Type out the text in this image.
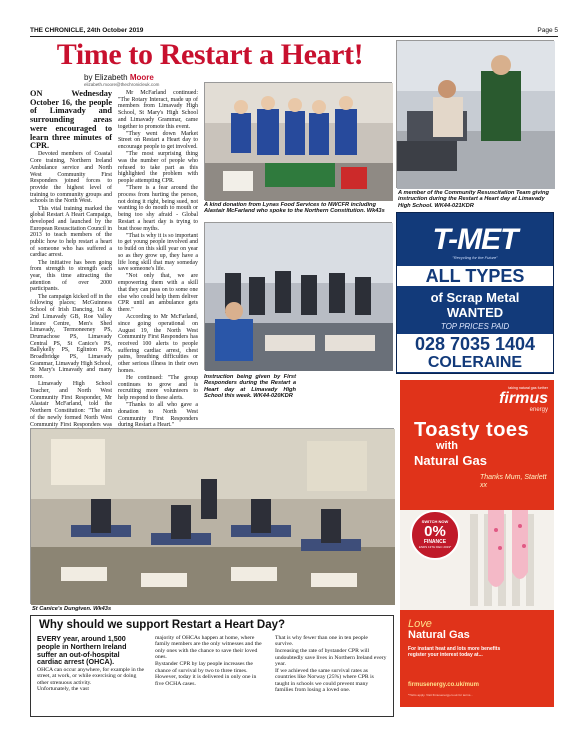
THE CHRONICLE, 24th October 2019	Page 5
Time to Restart a Heart!
by Elizabeth Moore
elizabeth.moore@thechronicleuk.com

ON Wednesday October 16, the people of Limavady and surrounding areas were encouraged to learn three minutes of CPR.

Devoted members of Coastal Core training, Northern Ireland Ambulance service and North West Community First Responders joined forces to provide the highest level of training to community groups and schools in the North West.

This vital training marked the global Restart A Heart Campaign, developed and launched by the European Resuscitation Council in 2013 to teach members of the public how to help restart a heart of someone who has suffered a cardiac arrest.

The initiative has been going from strength to strength each year, this time attracting the attention of over 2000 participants.

The campaign kicked off in the following places; McGuinness School of Irish Dancing, 1st & 2nd Limavady GB, Roe Valley leisure Centre, Men's Shed Limavady, Termoneeney PS, Drumachose PS, Limavady Central PS, St Canice's PS, Ballykelly PS, Eglinton PS, Broadbridge PS, Limavady Grammar, Limavady High School, St Mary's Limavady and many more.

Limavady High School Teacher, and North West Community First Responder, Mr Alastair McFarland, told the Northern Constitution: "The aim of the newly formed North West Community First Responders was

Mr McFarland continued: "The Rotary Interact, made up of members from Limavady High School, St Mary's High School and Limavady Grammar, came together to promote this event.

"They went down Market Street on Restart a Heart day to encourage people to get involved.

"The most surprising thing was the number of people who refused to take part as this highlighted the problem with people attempting CPR.

"There is a fear around the process from hurting the person, not doing it right, being sued, not wanting to do mouth to mouth or being too shy afraid - Global Restart a heart day is trying to bust those myths.

"That is why it is so important to get young people involved and to build on this skill year on year so as they grow up, they have a life long skill that may someday save someone's life.

"Not only that, we are empowering them with a skill that they can pass on to some one else who could help them deliver CPR until an ambulance gets there."

According to Mr McFarland, since going operational on August 19, the North West Community First Responders has received 100 alerts to people suffering cardiac arrest, chest pains, breathing difficulties or other serious illness in their own homes.

He continued: "The group continues to grow and is recruiting more volunteers to help respond to these alerts.

"Thanks to all who gave a donation to North West Community First Responders during Restart a Heart."

A kind donation from Lynas Food Services to NWCFR including Alastair McFarland who spoke to the Northern Constitution. Wk43s
A member of the Community Resuscitation Team giving instruction during the Restart a Heart day at Limavady High School. WK44-021KDR
Instruction being given by First Responders during the Restart a Heart day at Limavady High School this week. WK44-020KDR
St Canice's Dungiven. Wk43s
T-MET
"Recycling for the Future"
ALL TYPES
of Scrap Metal
WANTED
TOP PRICES PAID
028 7035 1404
COLERAINE
taking natural gas further
firmus
energy
Toasty toes
with
Natural Gas
Thanks Mum, Starlett xx
SWITCH NOW
0%
FINANCE
ENDS 13TH DEC 2019*
Love
Natural Gas
For instant heat and lots more benefits register your interest today at...
firmusenergy.co.uk/mum
*T&Cs apply. Visit firmusenergy.co.uk for terms...
Why should we support Restart a Heart Day?

EVERY year, around 1,500 people in Northern Ireland suffer an out-of-hospital cardiac arrest (OHCA).

OHCA can occur anywhere, for example in the street, at work, or while exercising or doing other strenuous activity.

Unfortunately, the vast

majority of OHCAs happen at home, where family members are the only witnesses and the only ones with the chance to save their loved ones.

Bystander CPR by lay people increases the chance of survival by two to three times.

However, today it is delivered in only one in five OCHA cases.

That is why fewer than one in ten people survive.

Increasing the rate of bystander CPR will undoubtedly save lives in Northern Ireland every year.

If we achieved the same survival rates as countries like Norway (25%) where CPR is taught in schools we could prevent many families from losing a loved one.
